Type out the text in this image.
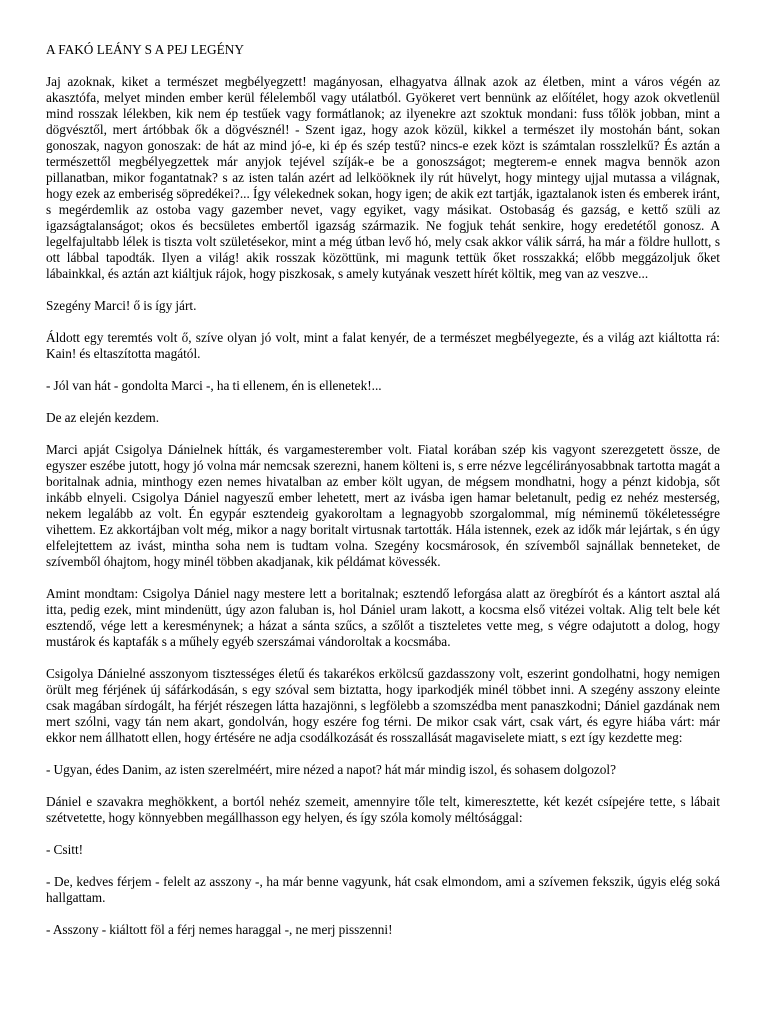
A FAKÓ LEÁNY S A PEJ LEGÉNY

Jaj azoknak, kiket a természet megbélyegzett! magányosan, elhagyatva állnak azok az életben, mint a város végén az akasztófa, melyet minden ember kerül félelemből vagy utálatból. Gyökeret vert bennünk az előítélet, hogy azok okvetlenül mind rosszak lélekben, kik nem ép testűek vagy formátlanok; az ilyenekre azt szoktuk mondani: fuss tőlök jobban, mint a dögvésztől, mert ártóbbak ők a dögvésznél! - Szent igaz, hogy azok közül, kikkel a természet ily mostohán bánt, sokan gonoszak, nagyon gonoszak: de hát az mind jó-e, ki ép és szép testű? nincs-e ezek közt is számtalan rosszlelkű? És aztán a természettől megbélyegzettek már anyjok tejével szíják-e be a gonoszságot; megterem-e ennek magva bennök azon pillanatban, mikor fogantatnak? s az isten talán azért ad lelkööknek ily rút hüvelyt, hogy mintegy ujjal mutassa a világnak, hogy ezek az emberiség söpredékei?... Így vélekednek sokan, hogy igen; de akik ezt tartják, igaztalanok isten és emberek iránt, s megérdemlik az ostoba vagy gazember nevet, vagy egyiket, vagy másikat. Ostobaság és gazság, e kettő szüli az igazságtalanságot; okos és becsületes embertől igazság származik. Ne fogjuk tehát senkire, hogy eredetétől gonosz. A legelfajultabb lélek is tiszta volt születésekor, mint a még útban levő hó, mely csak akkor válik sárrá, ha már a földre hullott, s ott lábbal tapodták. Ilyen a világ! akik rosszak közöttünk, mi magunk tettük őket rosszakká; előbb meggázoljuk őket lábainkkal, és aztán azt kiáltjuk rájok, hogy piszkosak, s amely kutyának veszett hírét költik, meg van az veszve...

Szegény Marci! ő is így járt.

Áldott egy teremtés volt ő, szíve olyan jó volt, mint a falat kenyér, de a természet megbélyegezte, és a világ azt kiáltotta rá: Kain! és eltaszította magától.

- Jól van hát - gondolta Marci -, ha ti ellenem, én is ellenetek!...

De az elején kezdem.

Marci apját Csigolya Dánielnek hítták, és vargamesterember volt. Fiatal korában szép kis vagyont szerezgetett össze, de egyszer eszébe jutott, hogy jó volna már nemcsak szerezni, hanem költeni is, s erre nézve legcélirányosabbnak tartotta magát a boritalnak adnia, minthogy ezen nemes hivatalban az ember költ ugyan, de mégsem mondhatni, hogy a pénzt kidobja, sőt inkább elnyeli. Csigolya Dániel nagyeszű ember lehetett, mert az ivásba igen hamar beletanult, pedig ez nehéz mesterség, nekem legalább az volt. Én egypár esztendeig gyakoroltam a legnagyobb szorgalommal, míg néminemű tökéletességre vihettem. Ez akkortájban volt még, mikor a nagy boritalt virtusnak tartották. Hála istennek, ezek az idők már lejártak, s én úgy elfelejtettem az ivást, mintha soha nem is tudtam volna. Szegény kocsmárosok, én szívemből sajnállak benneteket, de szívemből óhajtom, hogy minél többen akadjanak, kik példámat kövessék.

Amint mondtam: Csigolya Dániel nagy mestere lett a boritalnak; esztendő leforgása alatt az öregbírót és a kántort asztal alá itta, pedig ezek, mint mindenütt, úgy azon faluban is, hol Dániel uram lakott, a kocsma első vitézei voltak. Alig telt bele két esztendő, vége lett a keresménynek; a házat a sánta szűcs, a szőlőt a tiszteletes vette meg, s végre odajutott a dolog, hogy mustárok és kaptafák s a műhely egyéb szerszámai vándoroltak a kocsmába.

Csigolya Dánielné asszonyom tisztességes életű és takarékos erkölcsű gazdasszony volt, eszerint gondolhatni, hogy nemigen örült meg férjének új sáfárkodásán, s egy szóval sem biztatta, hogy iparkodjék minél többet inni. A szegény asszony eleinte csak magában sírdogált, ha férjét részegen látta hazajönni, s legfölebb a szomszédba ment panaszkodni; Dániel gazdának nem mert szólni, vagy tán nem akart, gondolván, hogy eszére fog térni. De mikor csak várt, csak várt, és egyre hiába várt: már ekkor nem állhatott ellen, hogy értésére ne adja csodálkozását és rosszallását magaviselete miatt, s ezt így kezdette meg:

- Ugyan, édes Danim, az isten szerelméért, mire nézed a napot? hát már mindig iszol, és sohasem dolgozol?

Dániel e szavakra meghökkent, a bortól nehéz szemeit, amennyire tőle telt, kimeresztette, két kezét csípejére tette, s lábait szétvetette, hogy könnyebben megállhasson egy helyen, és így szóla komoly méltósággal:

- Csitt!

- De, kedves férjem - felelt az asszony -, ha már benne vagyunk, hát csak elmondom, ami a szívemen fekszik, úgyis elég soká hallgattam.

- Asszony - kiáltott föl a férj nemes haraggal -, ne merj pisszenni!
